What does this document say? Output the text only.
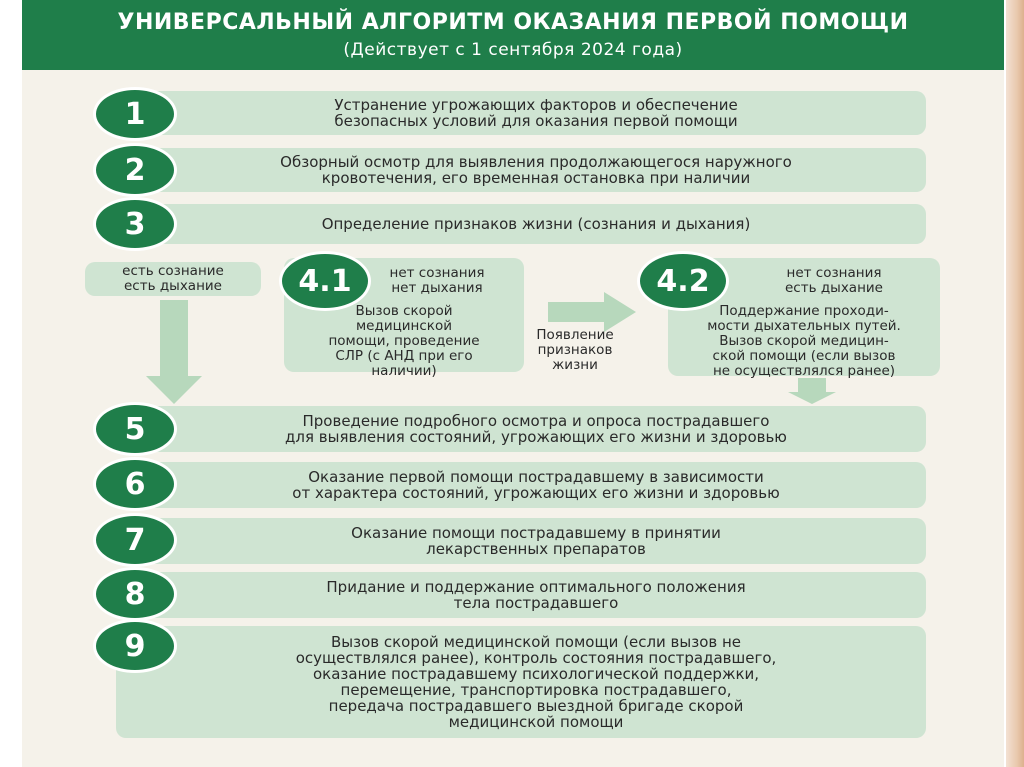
УНИВЕРСАЛЬНЫЙ АЛГОРИТМ ОКАЗАНИЯ ПЕРВОЙ ПОМОЩИ
(Действует с 1 сентября 2024 года)
Устранение угрожающих факторов и обеспечение
безопасных условий для оказания первой помощи
1
Обзорный осмотр для выявления продолжающегося наружного
кровотечения, его временная остановка при наличии
2
Определение признаков жизни (сознания и дыхания)
3
есть сознание
есть дыхание
нет сознания
нет дыхания
Вызов скорой
медицинской
помощи, проведение
СЛР (с АНД при его
наличии)
4.1
Появление
признаков
жизни
нет сознания
есть дыхание
Поддержание проходи-
мости дыхательных путей.
Вызов скорой медицин-
ской помощи (если вызов
не осуществлялся ранее)
4.2
Проведение подробного осмотра и опроса пострадавшего
для выявления состояний, угрожающих его жизни и здоровью
5
Оказание первой помощи пострадавшему в зависимости
от характера состояний, угрожающих его жизни и здоровью
6
Оказание помощи пострадавшему в принятии
лекарственных препаратов
7
Придание и поддержание оптимального положения
тела пострадавшего
8
Вызов скорой медицинской помощи (если вызов не
осуществлялся ранее), контроль состояния пострадавшего,
оказание пострадавшему психологической поддержки,
перемещение, транспортировка пострадавшего,
передача пострадавшего выездной бригаде скорой
медицинской помощи
9
